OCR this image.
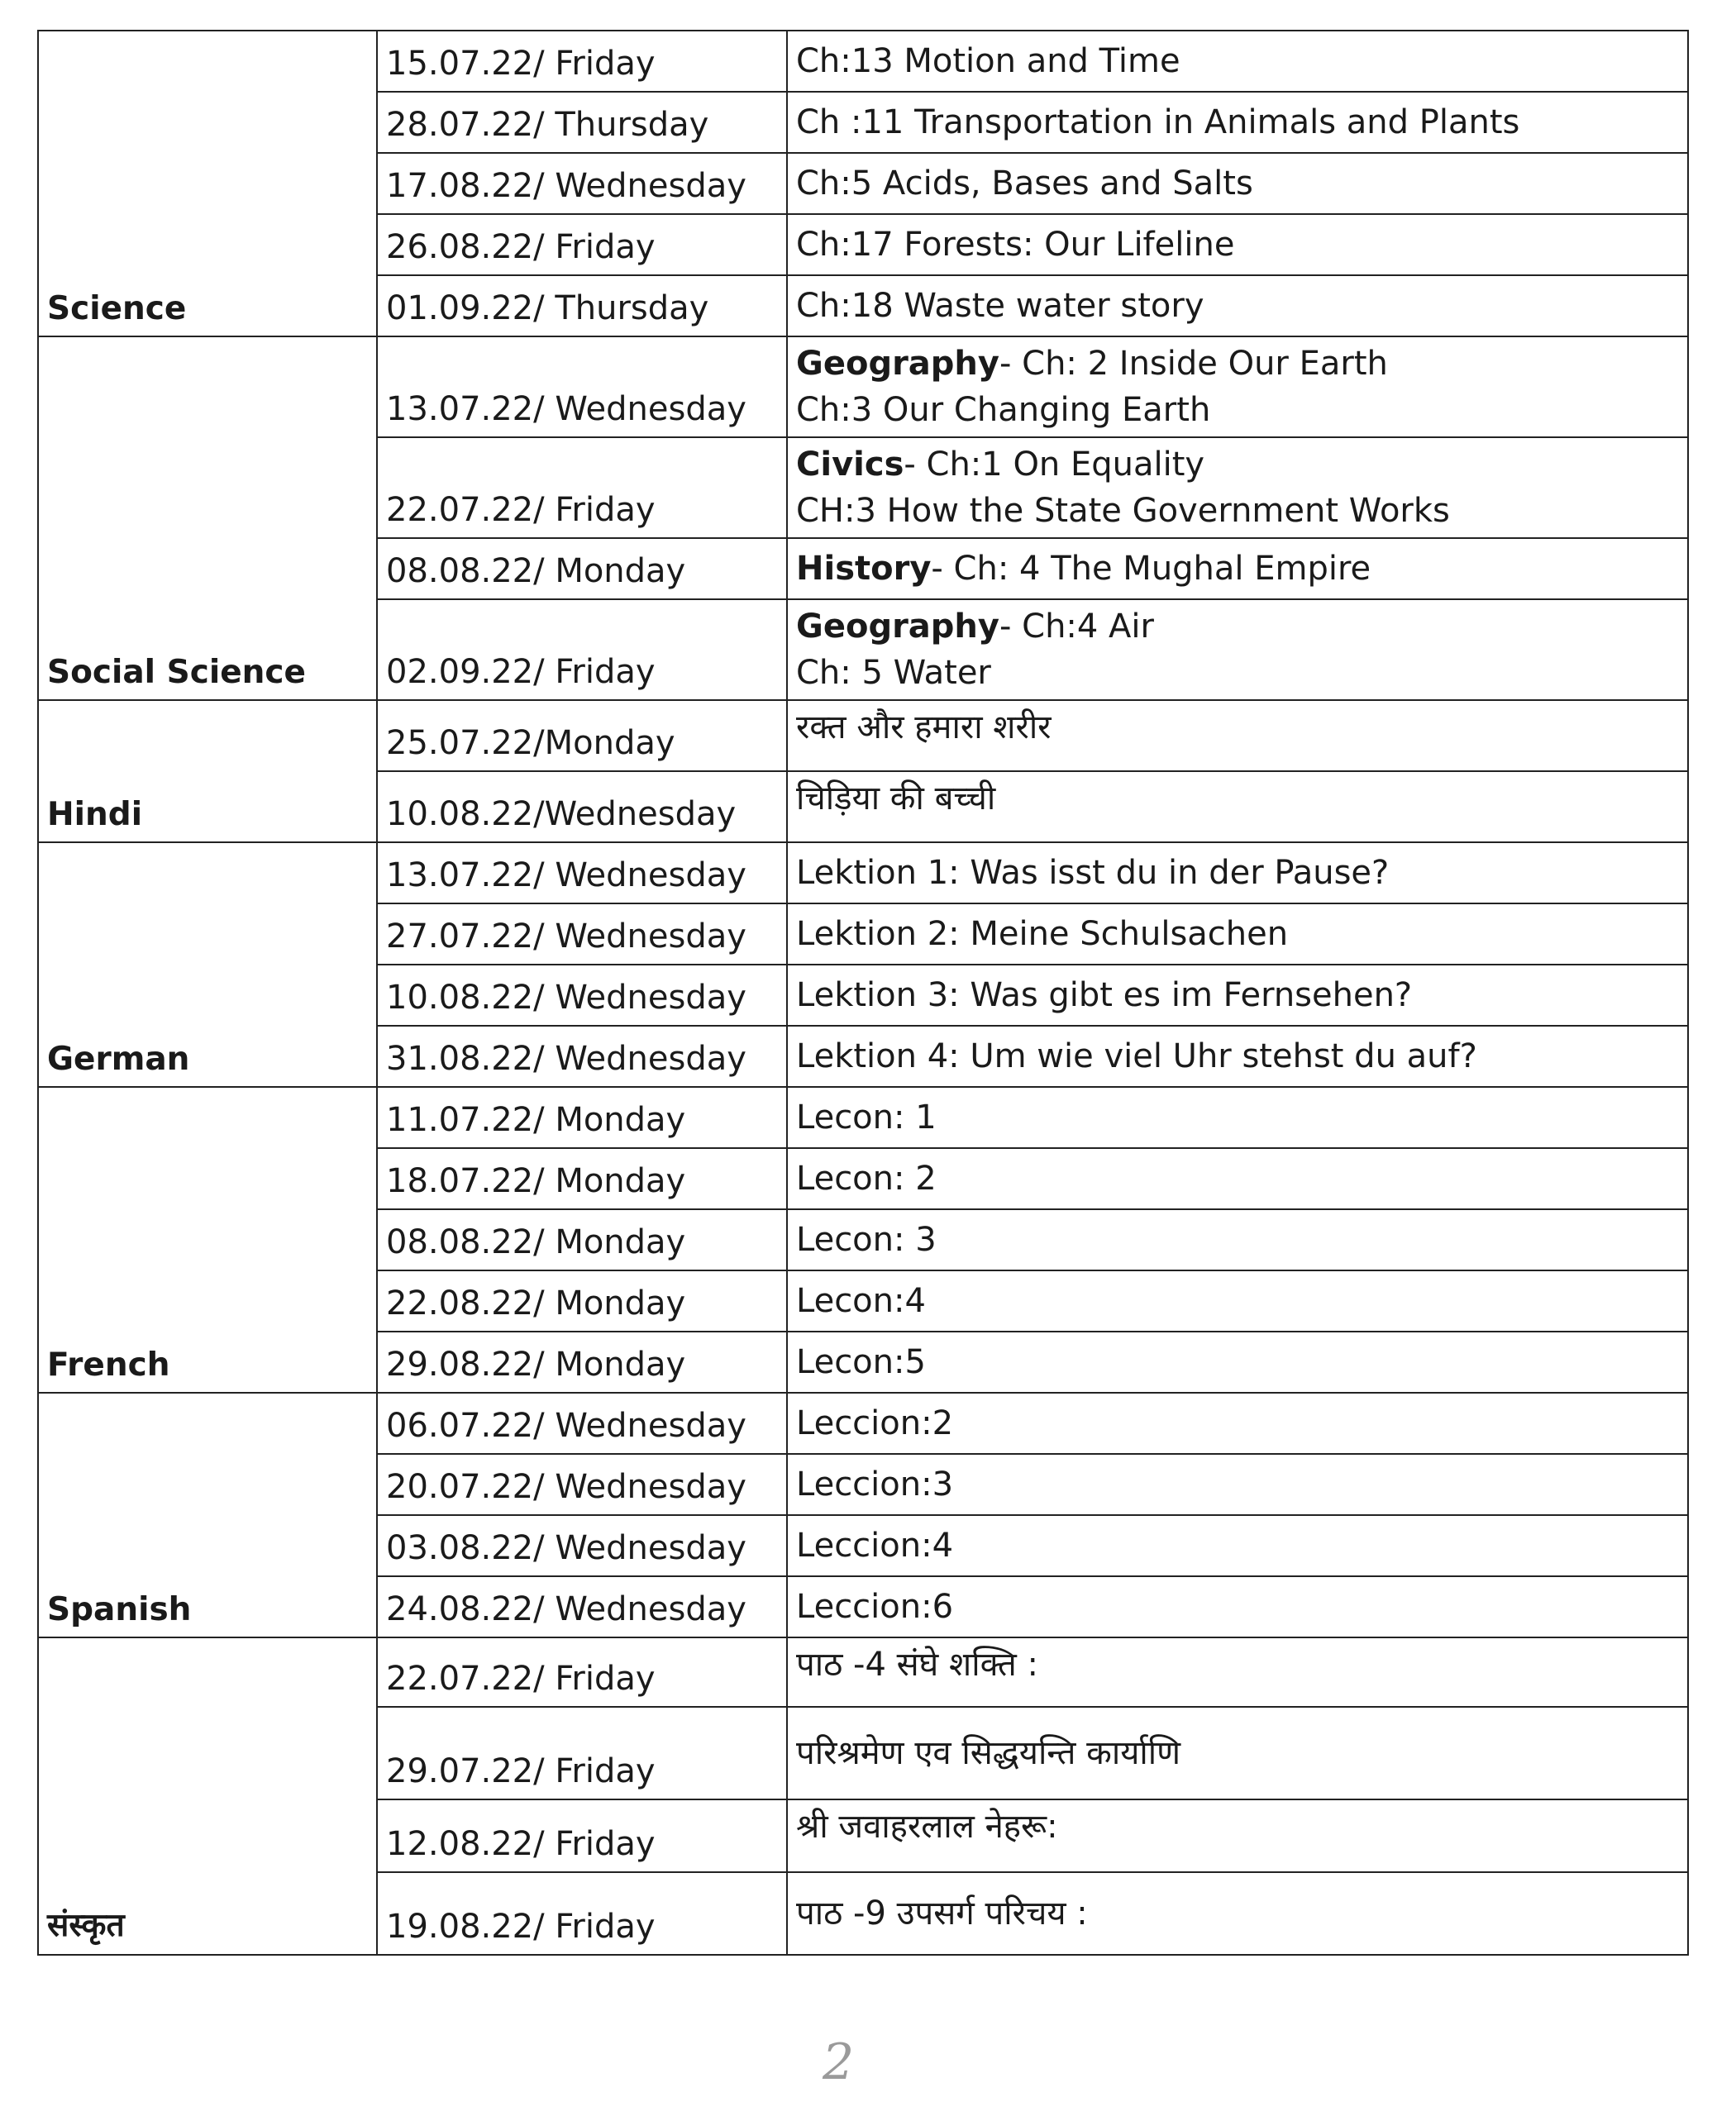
Science	15.07.22/ Friday	Ch:13 Motion and Time
	28.07.22/ Thursday	Ch :11 Transportation in Animals and Plants
	17.08.22/ Wednesday	Ch:5 Acids, Bases and Salts
	26.08.22/ Friday	Ch:17 Forests: Our Lifeline
	01.09.22/ Thursday	Ch:18 Waste water story
Social Science	13.07.22/ Wednesday	Geography- Ch: 2 Inside Our Earth
Ch:3 Our Changing Earth
	22.07.22/ Friday	Civics- Ch:1 On Equality
CH:3 How the State Government Works
	08.08.22/ Monday	History- Ch: 4 The Mughal Empire
	02.09.22/ Friday	Geography- Ch:4 Air
Ch: 5 Water
Hindi	25.07.22/Monday	रक्त और हमारा शरीर
	10.08.22/Wednesday	चिड़िया की बच्ची
German	13.07.22/ Wednesday	Lektion 1: Was isst du in der Pause?
	27.07.22/ Wednesday	Lektion 2: Meine Schulsachen
	10.08.22/ Wednesday	Lektion 3: Was gibt es im Fernsehen?
	31.08.22/ Wednesday	Lektion 4: Um wie viel Uhr stehst du auf?
French	11.07.22/ Monday	Lecon: 1
	18.07.22/ Monday	Lecon: 2
	08.08.22/ Monday	Lecon: 3
	22.08.22/ Monday	Lecon:4
	29.08.22/ Monday	Lecon:5
Spanish	06.07.22/ Wednesday	Leccion:2
	20.07.22/ Wednesday	Leccion:3
	03.08.22/ Wednesday	Leccion:4
	24.08.22/ Wednesday	Leccion:6
संस्कृत	22.07.22/ Friday	पाठ -4 संघे शक्ति :
	29.07.22/ Friday	परिश्रमेण एव सिद्धयन्ति कार्याणि
	12.08.22/ Friday	श्री जवाहरलाल नेहरू:
	19.08.22/ Friday	पाठ -9 उपसर्ग परिचय :
2
